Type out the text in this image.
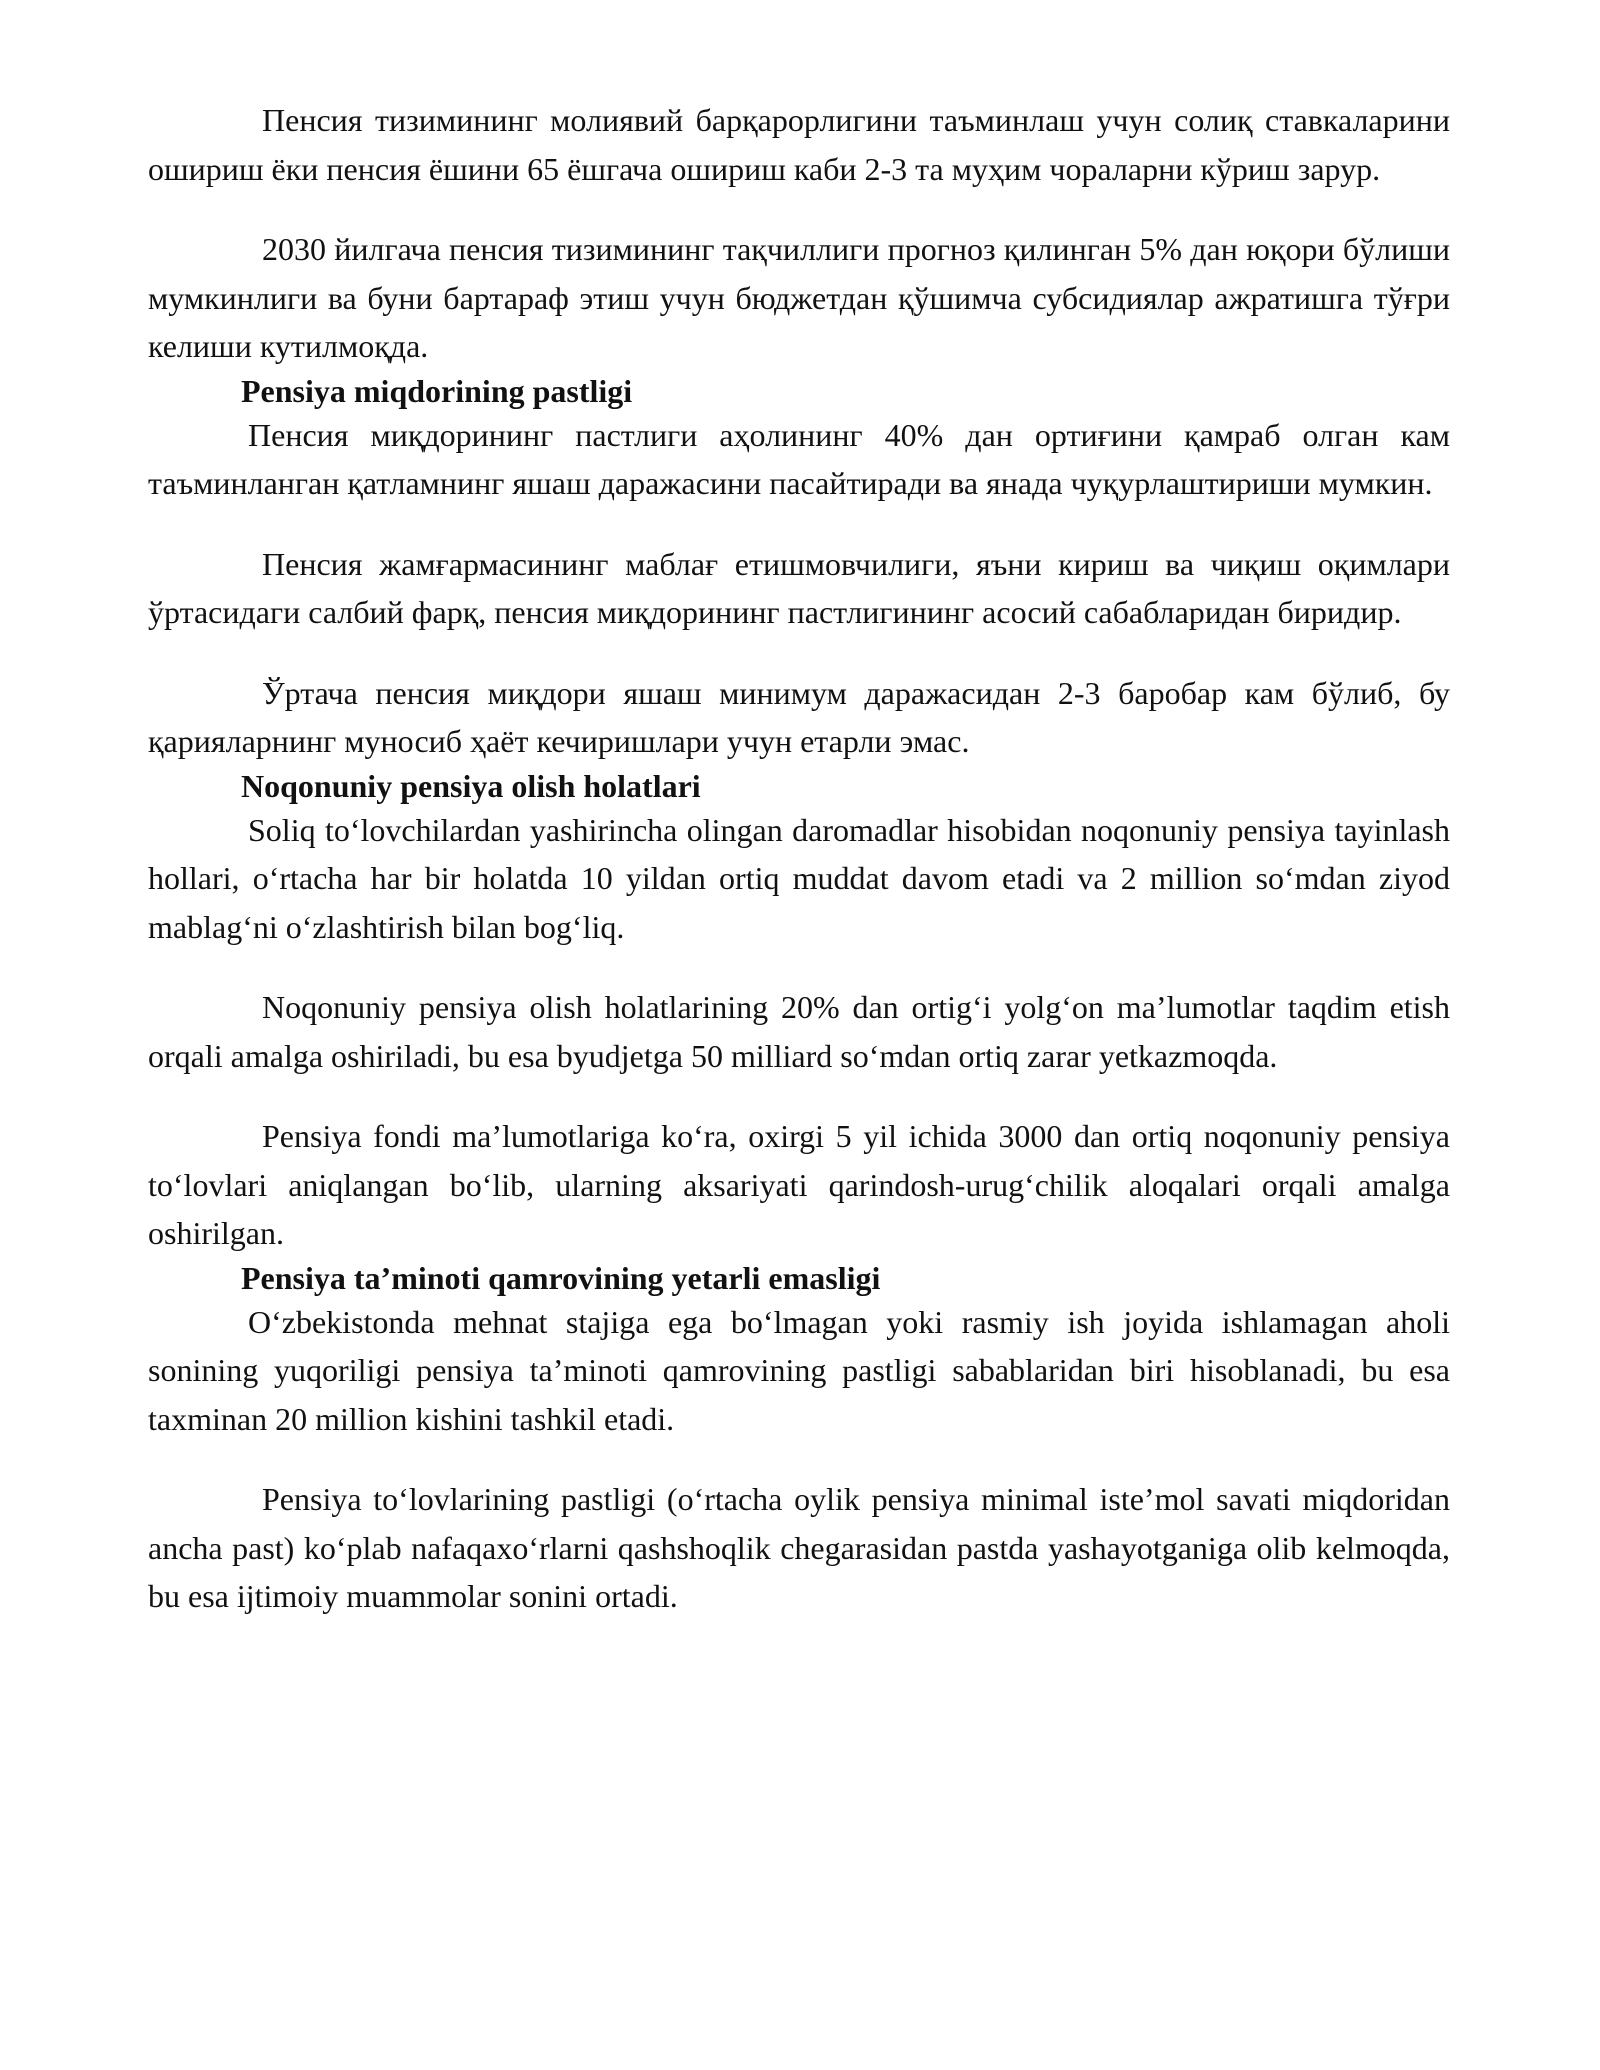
Пенсия тизимининг молиявий барқарорлигини таъминлаш учун солиқ ставкаларини ошириш ёки пенсия ёшини 65 ёшгача ошириш каби 2-3 та муҳим чораларни кўриш зарур.

2030 йилгача пенсия тизимининг тақчиллиги прогноз қилинган 5% дан юқори бўлиши мумкинлиги ва буни бартараф этиш учун бюджетдан қўшимча субсидиялар ажратишга тўғри келиши кутилмоқда.

Pensiya miqdorining pastligi

Пенсия миқдорининг пастлиги аҳолининг 40% дан ортиғини қамраб олган кам таъминланган қатламнинг яшаш даражасини пасайтиради ва янада чуқурлаштириши мумкин.

Пенсия жамғармасининг маблағ етишмовчилиги, яъни кириш ва чиқиш оқимлари ўртасидаги салбий фарқ, пенсия миқдорининг пастлигининг асосий сабабларидан биридир.

Ўртача пенсия миқдори яшаш минимум даражасидан 2-3 баробар кам бўлиб, бу қарияларнинг муносиб ҳаёт кечиришлари учун етарли эмас.

Noqonuniy pensiya olish holatlari

Soliq to‘lovchilardan yashirincha olingan daromadlar hisobidan noqonuniy pensiya tayinlash hollari, o‘rtacha har bir holatda 10 yildan ortiq muddat davom etadi va 2 million so‘mdan ziyod mablag‘ni o‘zlashtirish bilan bog‘liq.

Noqonuniy pensiya olish holatlarining 20% dan ortig‘i yolg‘on ma’lumotlar taqdim etish orqali amalga oshiriladi, bu esa byudjetga 50 milliard so‘mdan ortiq zarar yetkazmoqda.

Pensiya fondi ma’lumotlariga ko‘ra, oxirgi 5 yil ichida 3000 dan ortiq noqonuniy pensiya to‘lovlari aniqlangan bo‘lib, ularning aksariyati qarindosh-urug‘chilik aloqalari orqali amalga oshirilgan.

Pensiya ta’minoti qamrovining yetarli emasligi

O‘zbekistonda mehnat stajiga ega bo‘lmagan yoki rasmiy ish joyida ishlamagan aholi sonining yuqoriligi pensiya ta’minoti qamrovining pastligi sabablaridan biri hisoblanadi, bu esa taxminan 20 million kishini tashkil etadi.

Pensiya to‘lovlarining pastligi (o‘rtacha oylik pensiya minimal iste’mol savati miqdoridan ancha past) ko‘plab nafaqaxo‘rlarni qashshoqlik chegarasidan pastda yashayotganiga olib kelmoqda, bu esa ijtimoiy muammolar sonini ortadi.
